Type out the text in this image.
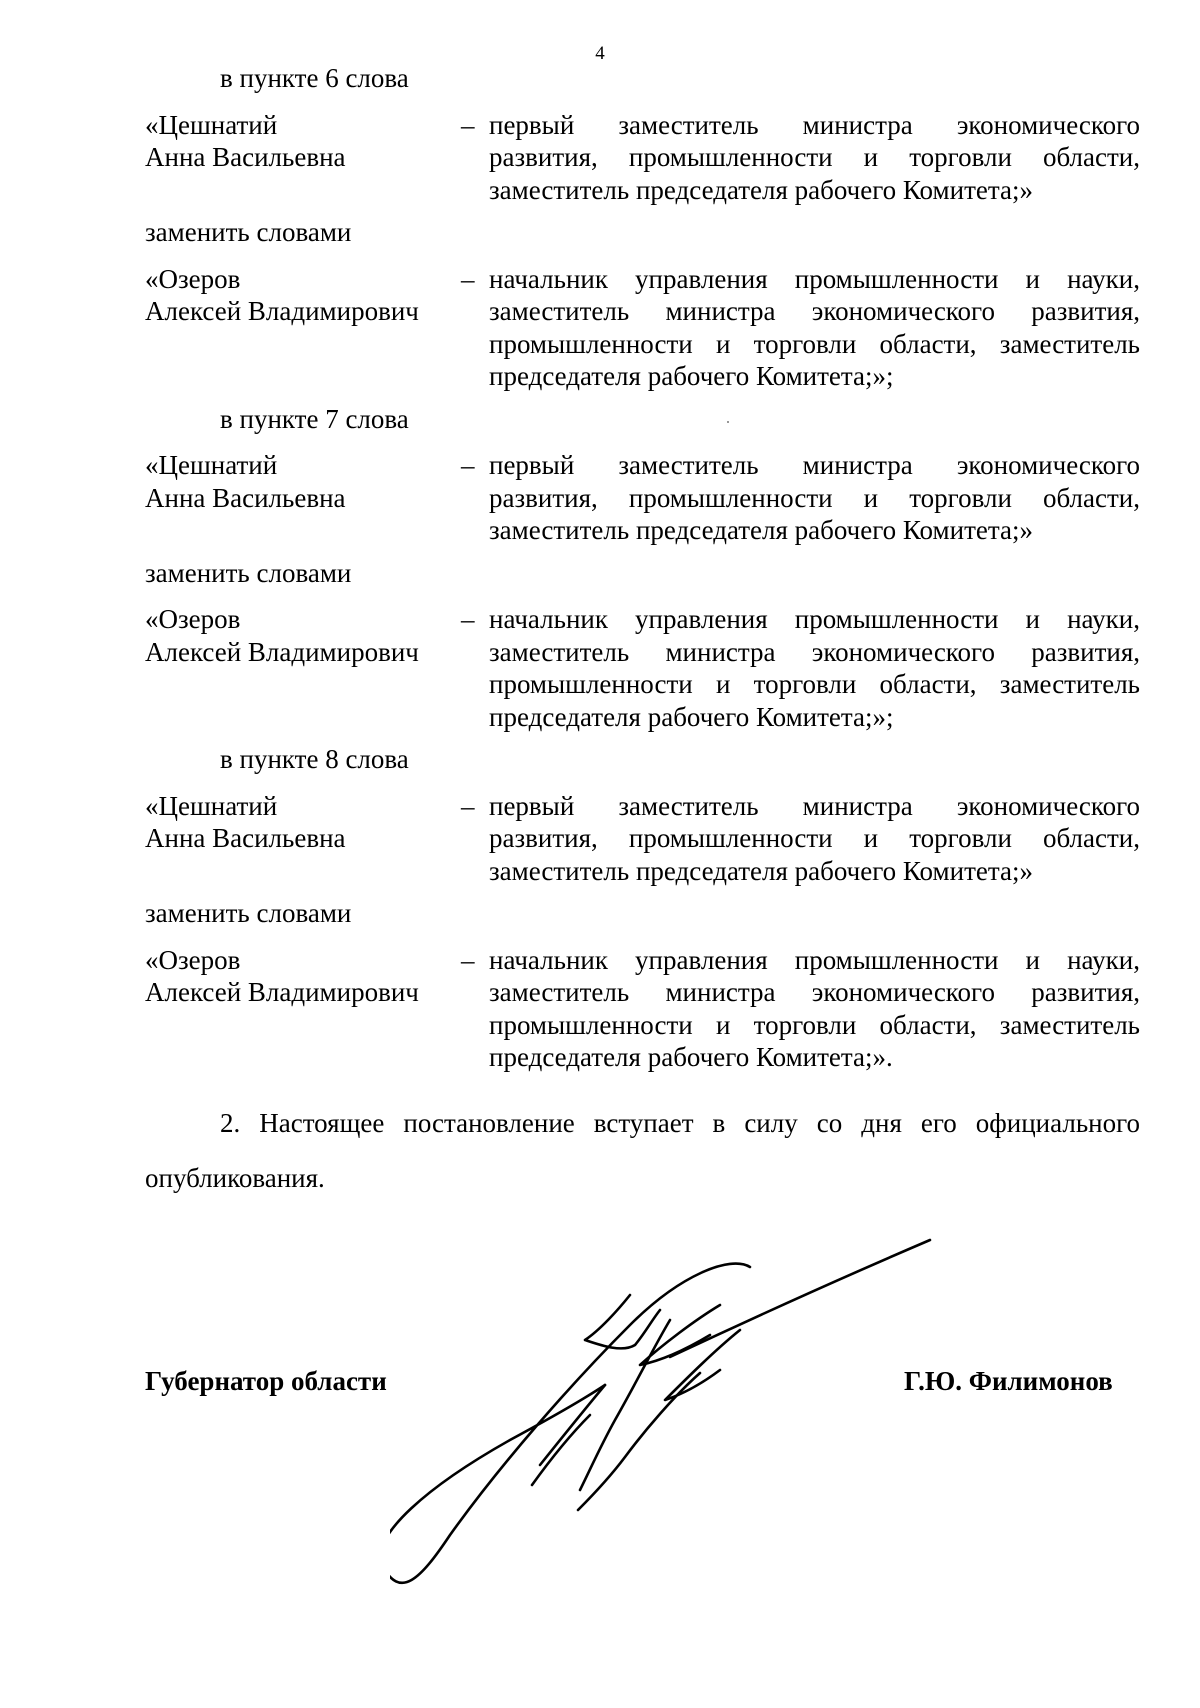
4
в пункте 6 слова
«Цешнатий
Анна Васильевна
– первый заместитель министра экономического развития, промышленности и торговли области, заместитель председателя рабочего Комитета;»
заменить словами
«Озеров
Алексей Владимирович
– начальник управления промышленности и науки, заместитель министра экономического развития, промышленности и торговли области, заместитель председателя рабочего Комитета;»;
в пункте 7 слова
«Цешнатий
Анна Васильевна
– первый заместитель министра экономического развития, промышленности и торговли области, заместитель председателя рабочего Комитета;»
заменить словами
«Озеров
Алексей Владимирович
– начальник управления промышленности и науки, заместитель министра экономического развития, промышленности и торговли области, заместитель председателя рабочего Комитета;»;
в пункте 8 слова
«Цешнатий
Анна Васильевна
– первый заместитель министра экономического развития, промышленности и торговли области, заместитель председателя рабочего Комитета;»
заменить словами
«Озеров
Алексей Владимирович
– начальник управления промышленности и науки, заместитель министра экономического развития, промышленности и торговли области, заместитель председателя рабочего Комитета;».
2. Настоящее постановление вступает в силу со дня его официального опубликования.
Губернатор области	Г.Ю. Филимонов
